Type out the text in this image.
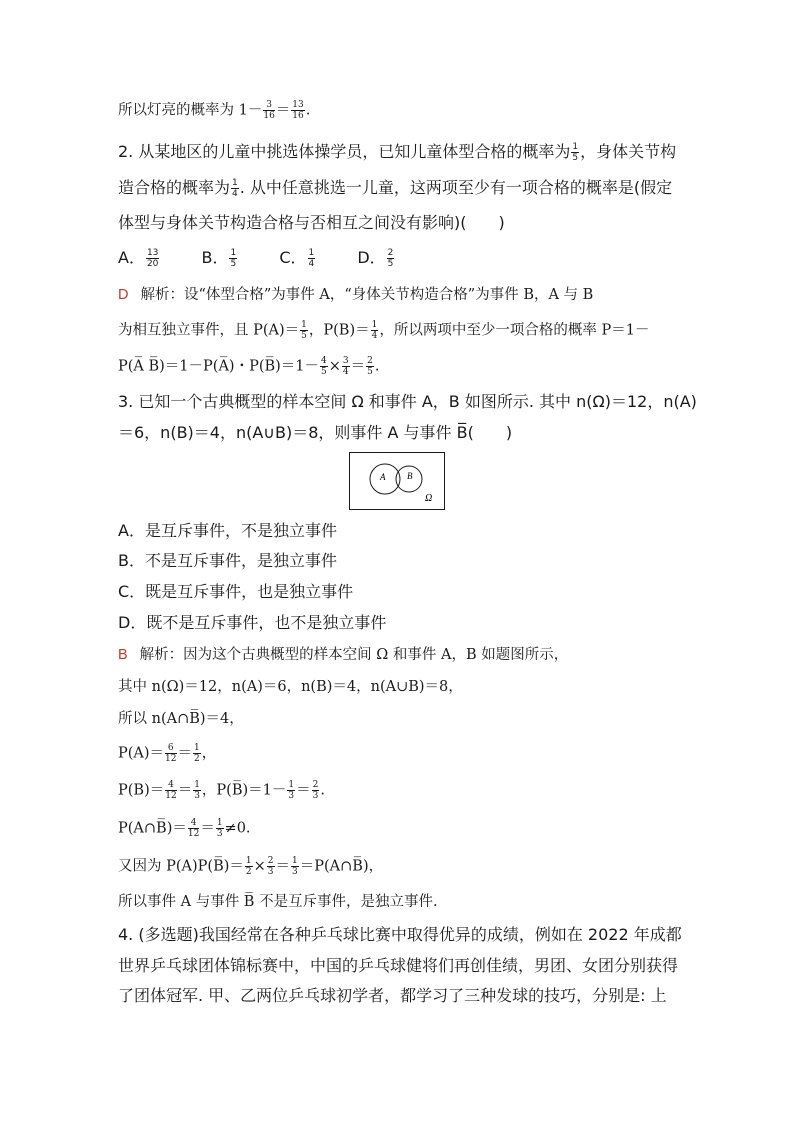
所以灯亮的概率为 $1- \frac{3}{16} = \frac{13}{16}$ .
2. 从某地区的儿童中挑选体操学员，已知儿童体型合格的概率为 $\frac{1}{5}$ ，身体关节构
造合格的概率为 $\frac{1}{4}$ . 从中任意挑选一儿童，这两项至少有一项合格的概率是(假定
体型与身体关节构造合格与否相互之间没有影响)(　　)
A． $\frac{13}{20}$	B． $\frac{1}{5}$	C． $\frac{1}{4}$	D． $\frac{2}{5}$
D 解析：设“体型合格”为事件 A，“身体关节构造合格”为事件 B，A 与 B
为相互独立事件，且 $P(A)= \frac{1}{5}$ ，$P(B)= \frac{1}{4}$ ，所以两项中至少一项合格的概率 P＝1－
P(A̅ B̅)＝1－P(A̅)・P(B̅)＝1－ $\frac{4}{5} \times \frac{3}{4} = \frac{2}{5}$ .
3. 已知一个古典概型的样本空间 Ω 和事件 A，B 如图所示. 其中 n(Ω)＝12，n(A)
＝6，n(B)＝4，n(A∪B)＝8，则事件 A 与事件 B̅(　　)
A B
Ω
A．是互斥事件，不是独立事件
B．不是互斥事件，是独立事件
C．既是互斥事件，也是独立事件
D．既不是互斥事件，也不是独立事件
B 解析：因为这个古典概型的样本空间 Ω 和事件 A，B 如题图所示，
其中 n(Ω)＝12，n(A)＝6，n(B)＝4，n(A∪B)＝8，
所以 n(A∩B̅)＝4，
$P(A)= \frac{6}{12} = \frac{1}{2}$ ，
$P(B)= \frac{4}{12} = \frac{1}{3}$ ，P(B̅)＝1－ $\frac{1}{3} = \frac{2}{3}$ .
P(A∩B̅)＝ $\frac{4}{12} = \frac{1}{3} \ne 0$.
又因为 P(A)P(B̅)＝ $\frac{1}{2} \times \frac{2}{3} = \frac{1}{3}$ ＝P(A∩B̅)，
所以事件 A 与事件 B̅ 不是互斥事件，是独立事件.
4. (多选题)我国经常在各种乒乓球比赛中取得优异的成绩，例如在 2022 年成都
世界乒乓球团体锦标赛中，中国的乒乓球健将们再创佳绩，男团、女团分别获得
了团体冠军. 甲、乙两位乒乓球初学者，都学习了三种发球的技巧，分别是: 上
